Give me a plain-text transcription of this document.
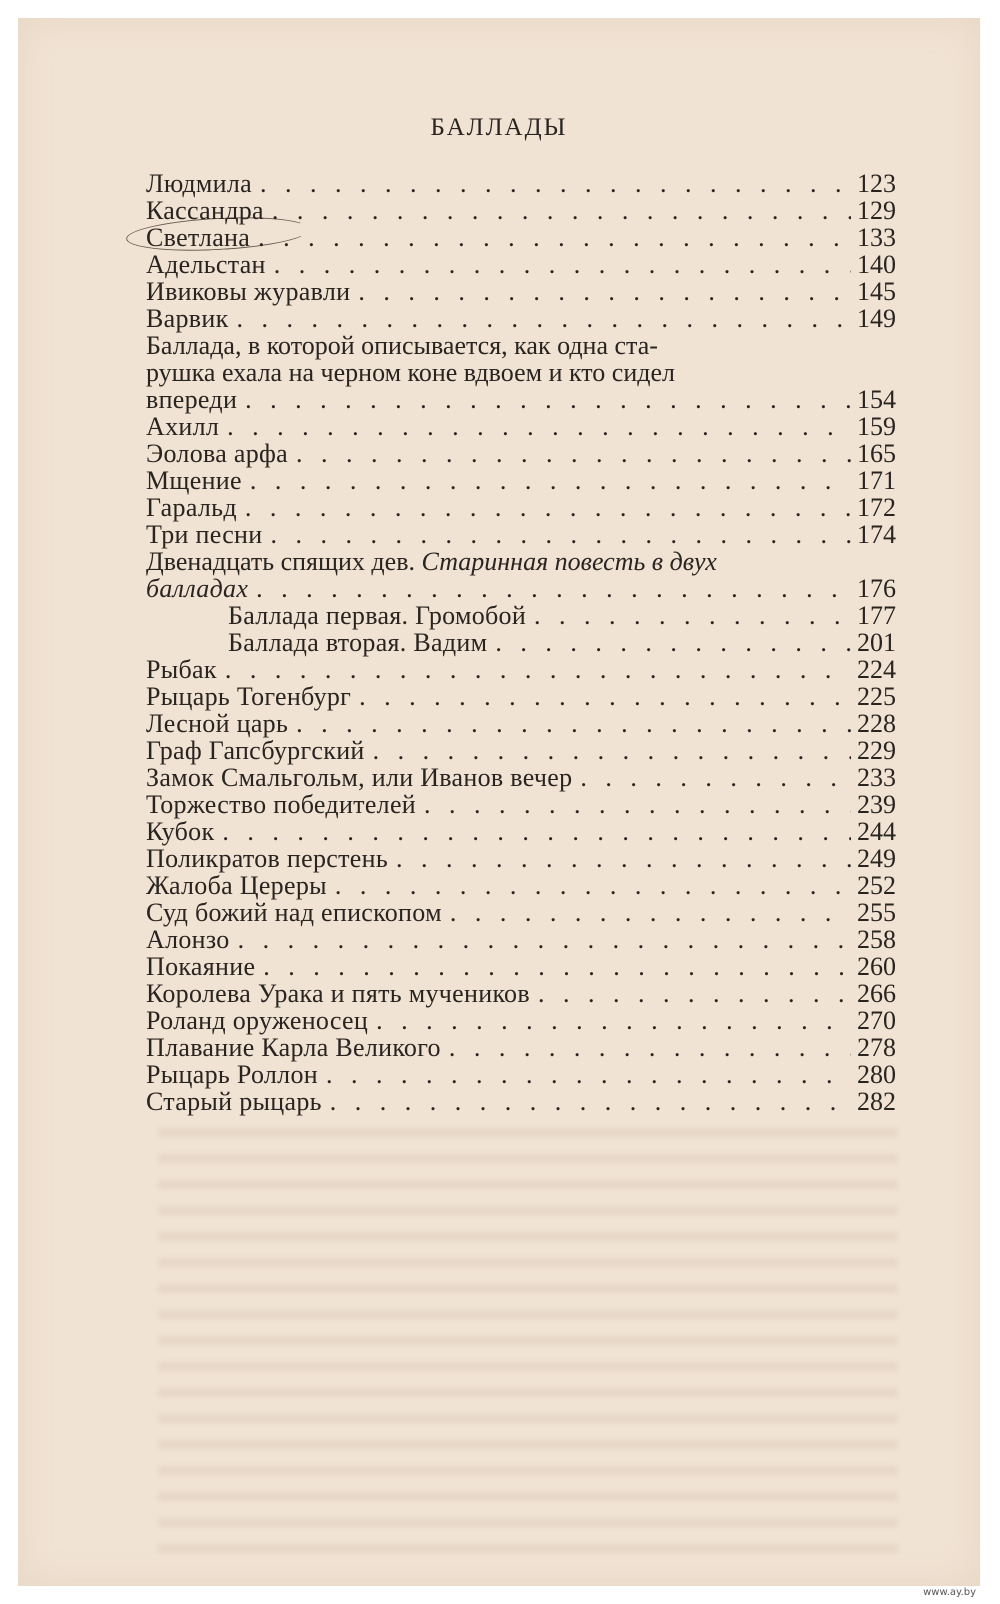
БАЛЛАДЫ
Людмила . . .	123
Кассандра . . .	129
Светлана . . .	133
Адельстан . . .	140
Ивиковы журавли . . .	145
Варвик . . .	149
Баллада, в которой описывается, как одна ста-
рушка ехала на черном коне вдвоем и кто сидел
впереди . . .	154
Ахилл . . .	159
Эолова арфа . . .	165
Мщение . . .	171
Гаральд . . .	172
Три песни . . .	174
Двенадцать спящих дев. Старинная повесть в двух
балладах . . .	176
Баллада первая. Громобой . . .	177
Баллада вторая. Вадим . . .	201
Рыбак . . .	224
Рыцарь Тогенбург . . .	225
Лесной царь . . .	228
Граф Гапсбургский . . .	229
Замок Смальгольм, или Иванов вечер . . .	233
Торжество победителей . . .	239
Кубок . . .	244
Поликратов перстень . . .	249
Жалоба Цереры . . .	252
Суд божий над епископом . . .	255
Алонзо . . .	258
Покаяние . . .	260
Королева Урака и пять мучеников . . .	266
Роланд оруженосец . . .	270
Плавание Карла Великого . . .	278
Рыцарь Роллон . . .	280
Старый рыцарь . . .	282
www.ay.by
